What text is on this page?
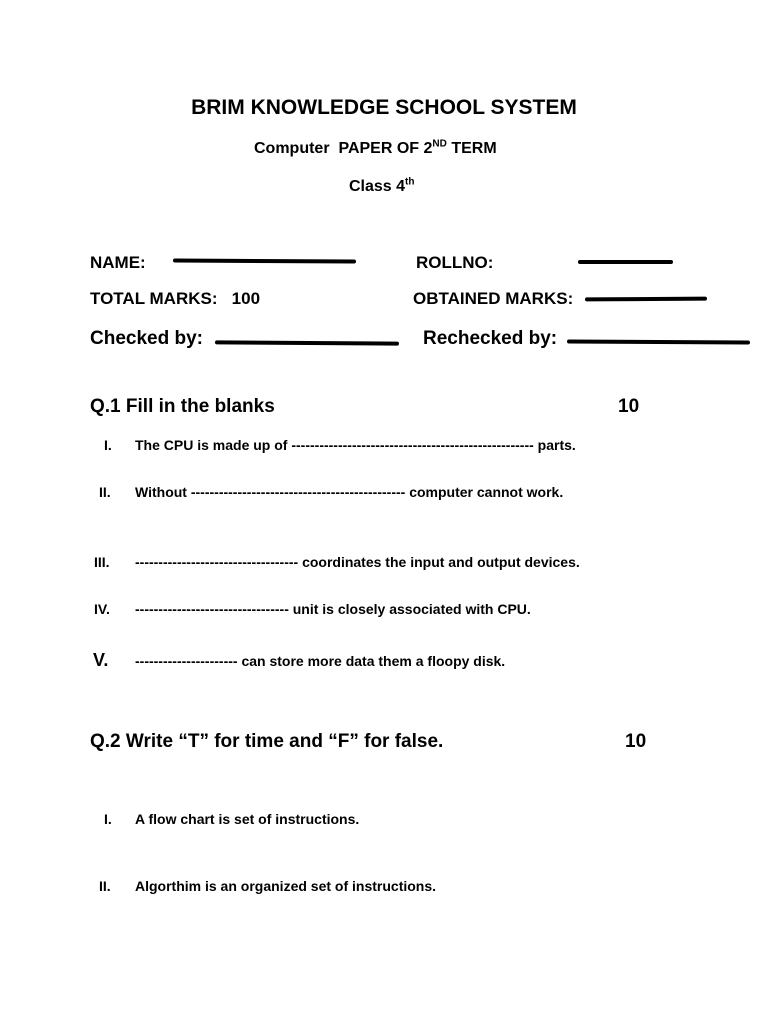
BRIM KNOWLEDGE SCHOOL SYSTEM
Computer PAPER OF 2ND TERM
Class 4th
NAME:	ROLLNO:
TOTAL MARKS: 100	OBTAINED MARKS:
Checked by:	Rechecked by:
Q.1 Fill in the blanks	10
I. The CPU is made up of ---------------------------------------------------- parts.
II. Without ---------------------------------------------- computer cannot work.
III. ----------------------------------- coordinates the input and output devices.
IV. --------------------------------- unit is closely associated with CPU.
V. ---------------------- can store more data them a floopy disk.
Q.2 Write “T” for time and “F” for false.	10
I. A flow chart is set of instructions.
II. Algorthim is an organized set of instructions.
